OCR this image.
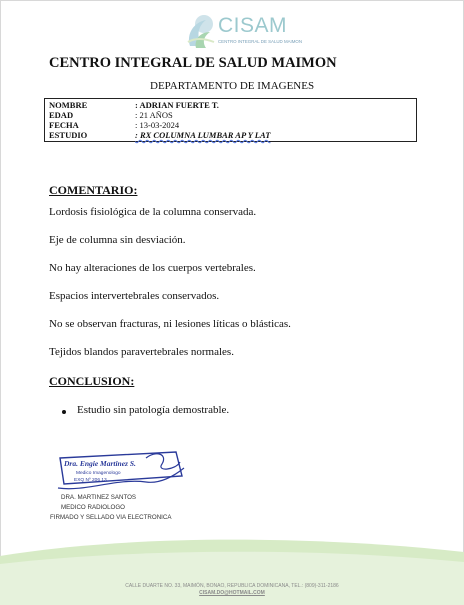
CISAM
CENTRO INTEGRAL DE SALUD MAIMON
CENTRO INTEGRAL DE SALUD MAIMON
DEPARTAMENTO DE IMAGENES
NOMBRE	: ADRIAN FUERTE T.
EDAD	: 21 AÑOS
FECHA	: 13-03-2024
ESTUDIO	: RX COLUMNA LUMBAR AP Y LAT
COMENTARIO:
Lordosis fisiológica de la columna conservada.
Eje de columna sin desviación.
No hay alteraciones de los cuerpos vertebrales.
Espacios intervertebrales conservados.
No se observan fracturas, ni lesiones líticas o blásticas.
Tejidos blandos paravertebrales normales.
CONCLUSION:
Estudio sin patología demostrable.
Dra. Engie Martinez S.
Medico Imagenologo
EXQ Nº 206 13
DRA. MARTINEZ SANTOS
MEDICO RADIOLOGO
FIRMADO Y SELLADO VIA ELECTRONICA
CALLE DUARTE NO. 33, MAIMÓN, BONAO, REPUBLICA DOMINICANA, TEL.: (809)-311-2186
CISAM.DO@HOTMAIL.COM
